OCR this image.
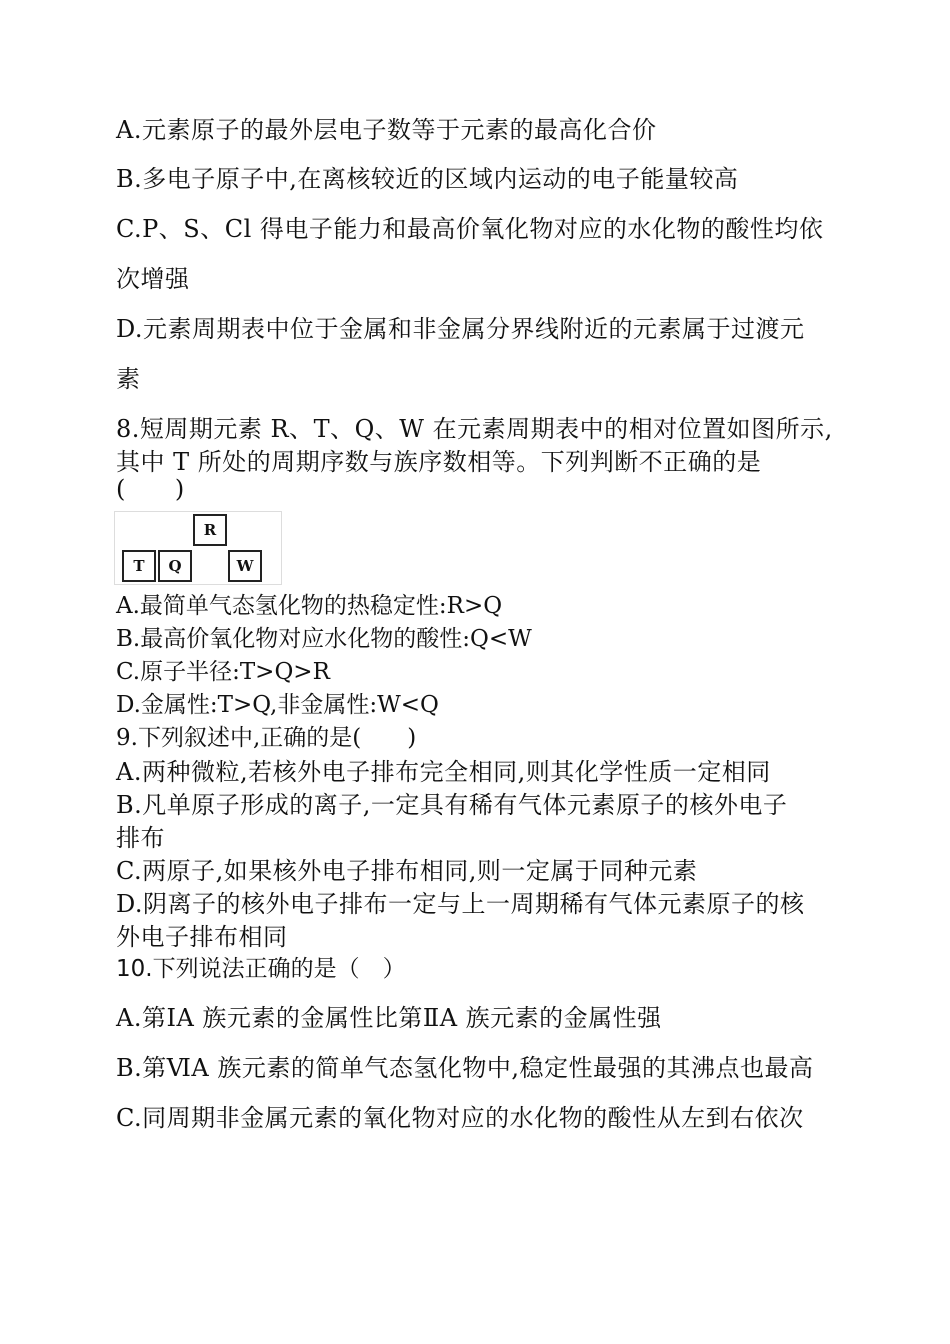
A.元素原子的最外层电子数等于元素的最高化合价
B.多电子原子中,在离核较近的区域内运动的电子能量较高
C.P、S、Cl 得电子能力和最高价氧化物对应的水化物的酸性均依
次增强
D.元素周期表中位于金属和非金属分界线附近的元素属于过渡元
素
8.短周期元素 R、T、Q、W 在元素周期表中的相对位置如图所示,
其中 T 所处的周期序数与族序数相等。下列判断不正确的是
(  )
R
T	Q	W
A.最简单气态氢化物的热稳定性:R>Q
B.最高价氧化物对应水化物的酸性:Q<W
C.原子半径:T>Q>R
D.金属性:T>Q,非金属性:W<Q
9.下列叙述中,正确的是(  )
A.两种微粒,若核外电子排布完全相同,则其化学性质一定相同
B.凡单原子形成的离子,一定具有稀有气体元素原子的核外电子
排布
C.两原子,如果核外电子排布相同,则一定属于同种元素
D.阴离子的核外电子排布一定与上一周期稀有气体元素原子的核
外电子排布相同
10.下列说法正确的是（　）
A.第ⅠA 族元素的金属性比第ⅡA 族元素的金属性强
B.第ⅥA 族元素的简单气态氢化物中,稳定性最强的其沸点也最高
C.同周期非金属元素的氧化物对应的水化物的酸性从左到右依次
